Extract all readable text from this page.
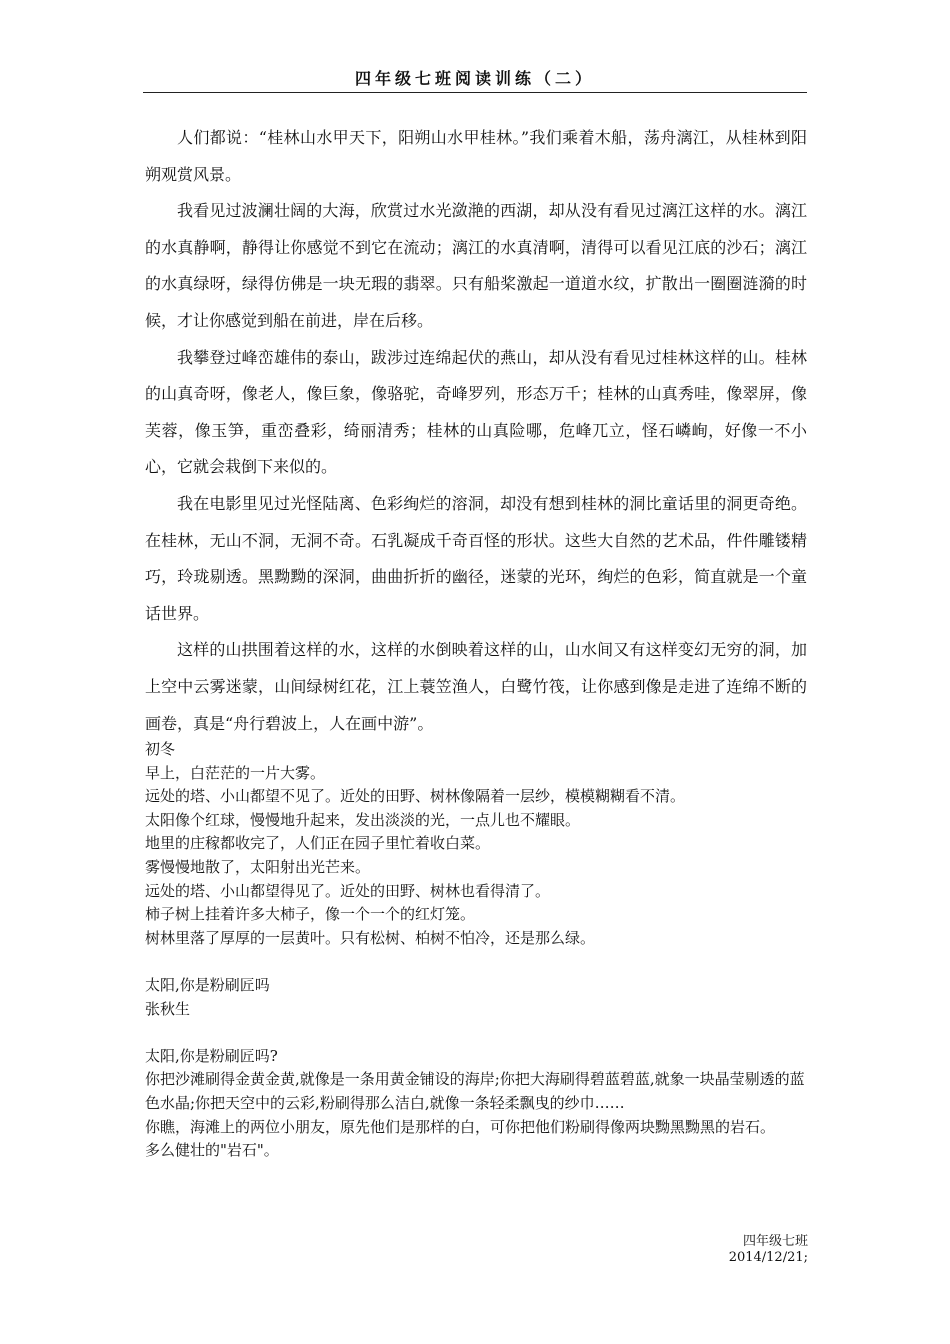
四年级七班阅读训练（二）

人们都说：“桂林山水甲天下，阳朔山水甲桂林。”我们乘着木船，荡舟漓江，从桂林到阳朔观赏风景。

我看见过波澜壮阔的大海，欣赏过水光潋滟的西湖，却从没有看见过漓江这样的水。漓江的水真静啊，静得让你感觉不到它在流动；漓江的水真清啊，清得可以看见江底的沙石；漓江的水真绿呀，绿得仿佛是一块无瑕的翡翠。只有船桨激起一道道水纹，扩散出一圈圈涟漪的时候，才让你感觉到船在前进，岸在后移。

我攀登过峰峦雄伟的泰山，跋涉过连绵起伏的燕山，却从没有看见过桂林这样的山。桂林的山真奇呀，像老人，像巨象，像骆驼，奇峰罗列，形态万千；桂林的山真秀哇，像翠屏，像芙蓉，像玉笋，重峦叠彩，绮丽清秀；桂林的山真险哪，危峰兀立，怪石嶙峋，好像一不小心，它就会栽倒下来似的。

我在电影里见过光怪陆离、色彩绚烂的溶洞，却没有想到桂林的洞比童话里的洞更奇绝。在桂林，无山不洞，无洞不奇。石乳凝成千奇百怪的形状。这些大自然的艺术品，件件雕镂精巧，玲珑剔透。黑黝黝的深洞，曲曲折折的幽径，迷蒙的光环，绚烂的色彩，简直就是一个童话世界。

这样的山拱围着这样的水，这样的水倒映着这样的山，山水间又有这样变幻无穷的洞，加上空中云雾迷蒙，山间绿树红花，江上蓑笠渔人，白鹭竹筏，让你感到像是走进了连绵不断的画卷，真是“舟行碧波上，人在画中游”。

初冬
早上，白茫茫的一片大雾。
远处的塔、小山都望不见了。近处的田野、树林像隔着一层纱，模模糊糊看不清。
太阳像个红球，慢慢地升起来，发出淡淡的光，一点儿也不耀眼。
地里的庄稼都收完了，人们正在园子里忙着收白菜。
雾慢慢地散了，太阳射出光芒来。
远处的塔、小山都望得见了。近处的田野、树林也看得清了。
柿子树上挂着许多大柿子，像一个一个的红灯笼。
树林里落了厚厚的一层黄叶。只有松树、柏树不怕冷，还是那么绿。
太阳,你是粉刷匠吗
张秋生
太阳,你是粉刷匠吗?
你把沙滩刷得金黄金黄,就像是一条用黄金铺设的海岸;你把大海刷得碧蓝碧蓝,就象一块晶莹剔透的蓝色水晶;你把天空中的云彩,粉刷得那么洁白,就像一条轻柔飘曳的纱巾……
你瞧，海滩上的两位小朋友，原先他们是那样的白，可你把他们粉刷得像两块黝黑黝黑的岩石。
多么健壮的"岩石"。
四年级七班
2014/12/21;
